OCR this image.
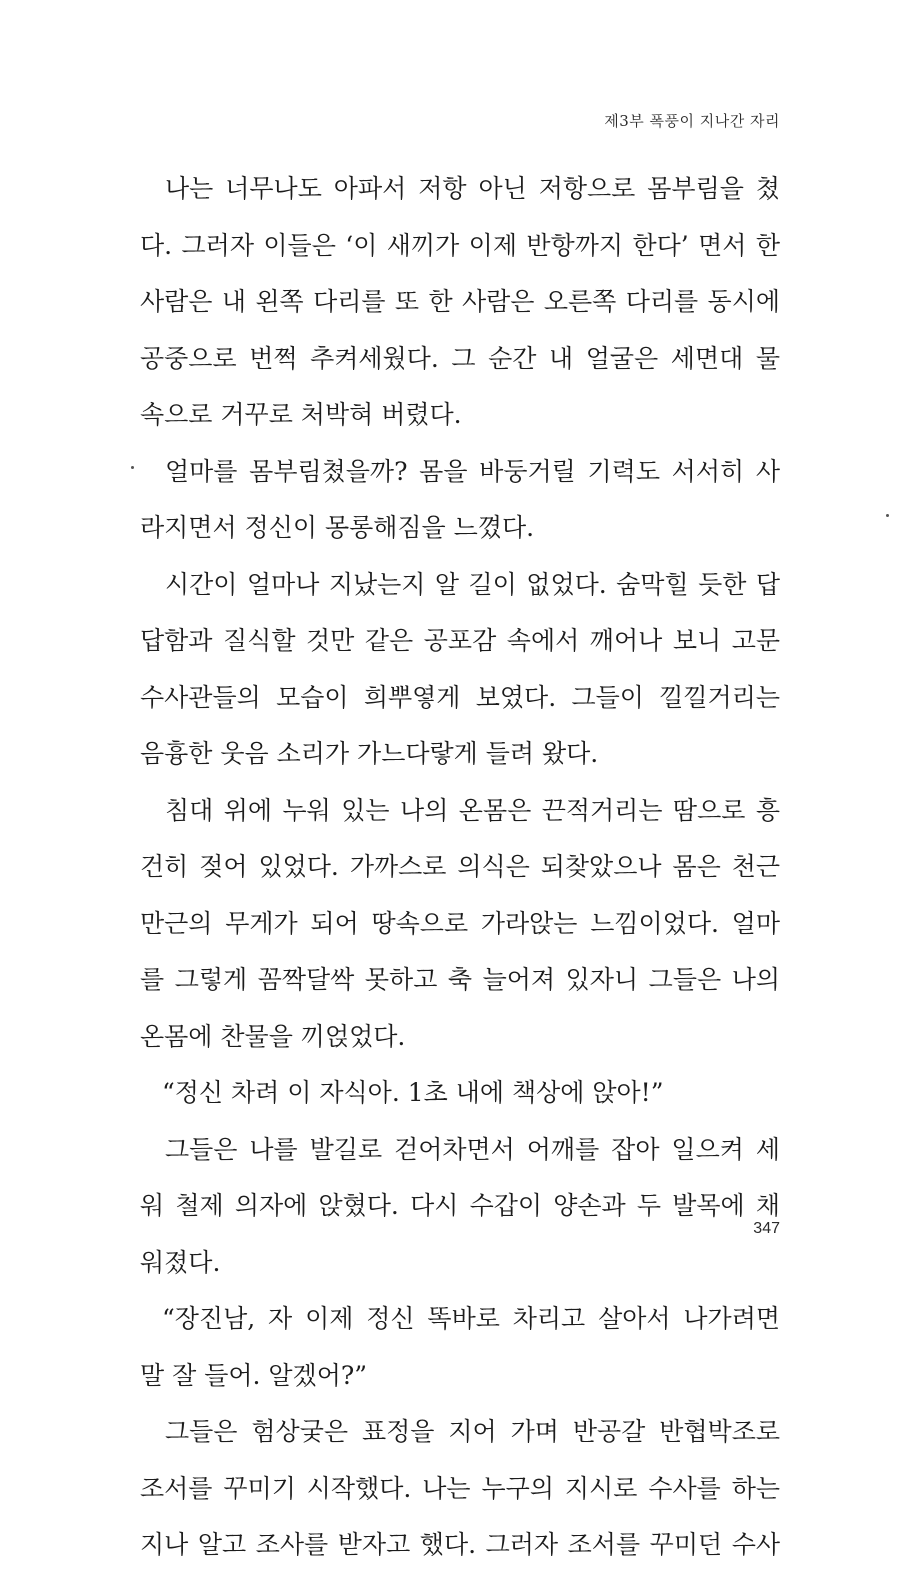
제3부 폭풍이 지나간 자리
나는 너무나도 아파서 저항 아닌 저항으로 몸부림을 쳤
다. 그러자 이들은 ‘이 새끼가 이제 반항까지 한다’ 면서 한
사람은 내 왼쪽 다리를 또 한 사람은 오른쪽 다리를 동시에
공중으로 번쩍 추켜세웠다. 그 순간 내 얼굴은 세면대 물
속으로 거꾸로 처박혀 버렸다.
얼마를 몸부림쳤을까? 몸을 바둥거릴 기력도 서서히 사
라지면서 정신이 몽롱해짐을 느꼈다.
시간이 얼마나 지났는지 알 길이 없었다. 숨막힐 듯한 답
답함과 질식할 것만 같은 공포감 속에서 깨어나 보니 고문
수사관들의 모습이 희뿌옇게 보였다. 그들이 낄낄거리는
음흉한 웃음 소리가 가느다랗게 들려 왔다.
침대 위에 누워 있는 나의 온몸은 끈적거리는 땀으로 흥
건히 젖어 있었다. 가까스로 의식은 되찾았으나 몸은 천근
만근의 무게가 되어 땅속으로 가라앉는 느낌이었다. 얼마
를 그렇게 꼼짝달싹 못하고 축 늘어져 있자니 그들은 나의
온몸에 찬물을 끼얹었다.
“정신 차려 이 자식아. 1초 내에 책상에 앉아!”
그들은 나를 발길로 걷어차면서 어깨를 잡아 일으켜 세
워 철제 의자에 앉혔다. 다시 수갑이 양손과 두 발목에 채
워졌다.
“장진남, 자 이제 정신 똑바로 차리고 살아서 나가려면
말 잘 들어. 알겠어?”
그들은 험상궂은 표정을 지어 가며 반공갈 반협박조로
조서를 꾸미기 시작했다. 나는 누구의 지시로 수사를 하는
지나 알고 조사를 받자고 했다. 그러자 조서를 꾸미던 수사
347
